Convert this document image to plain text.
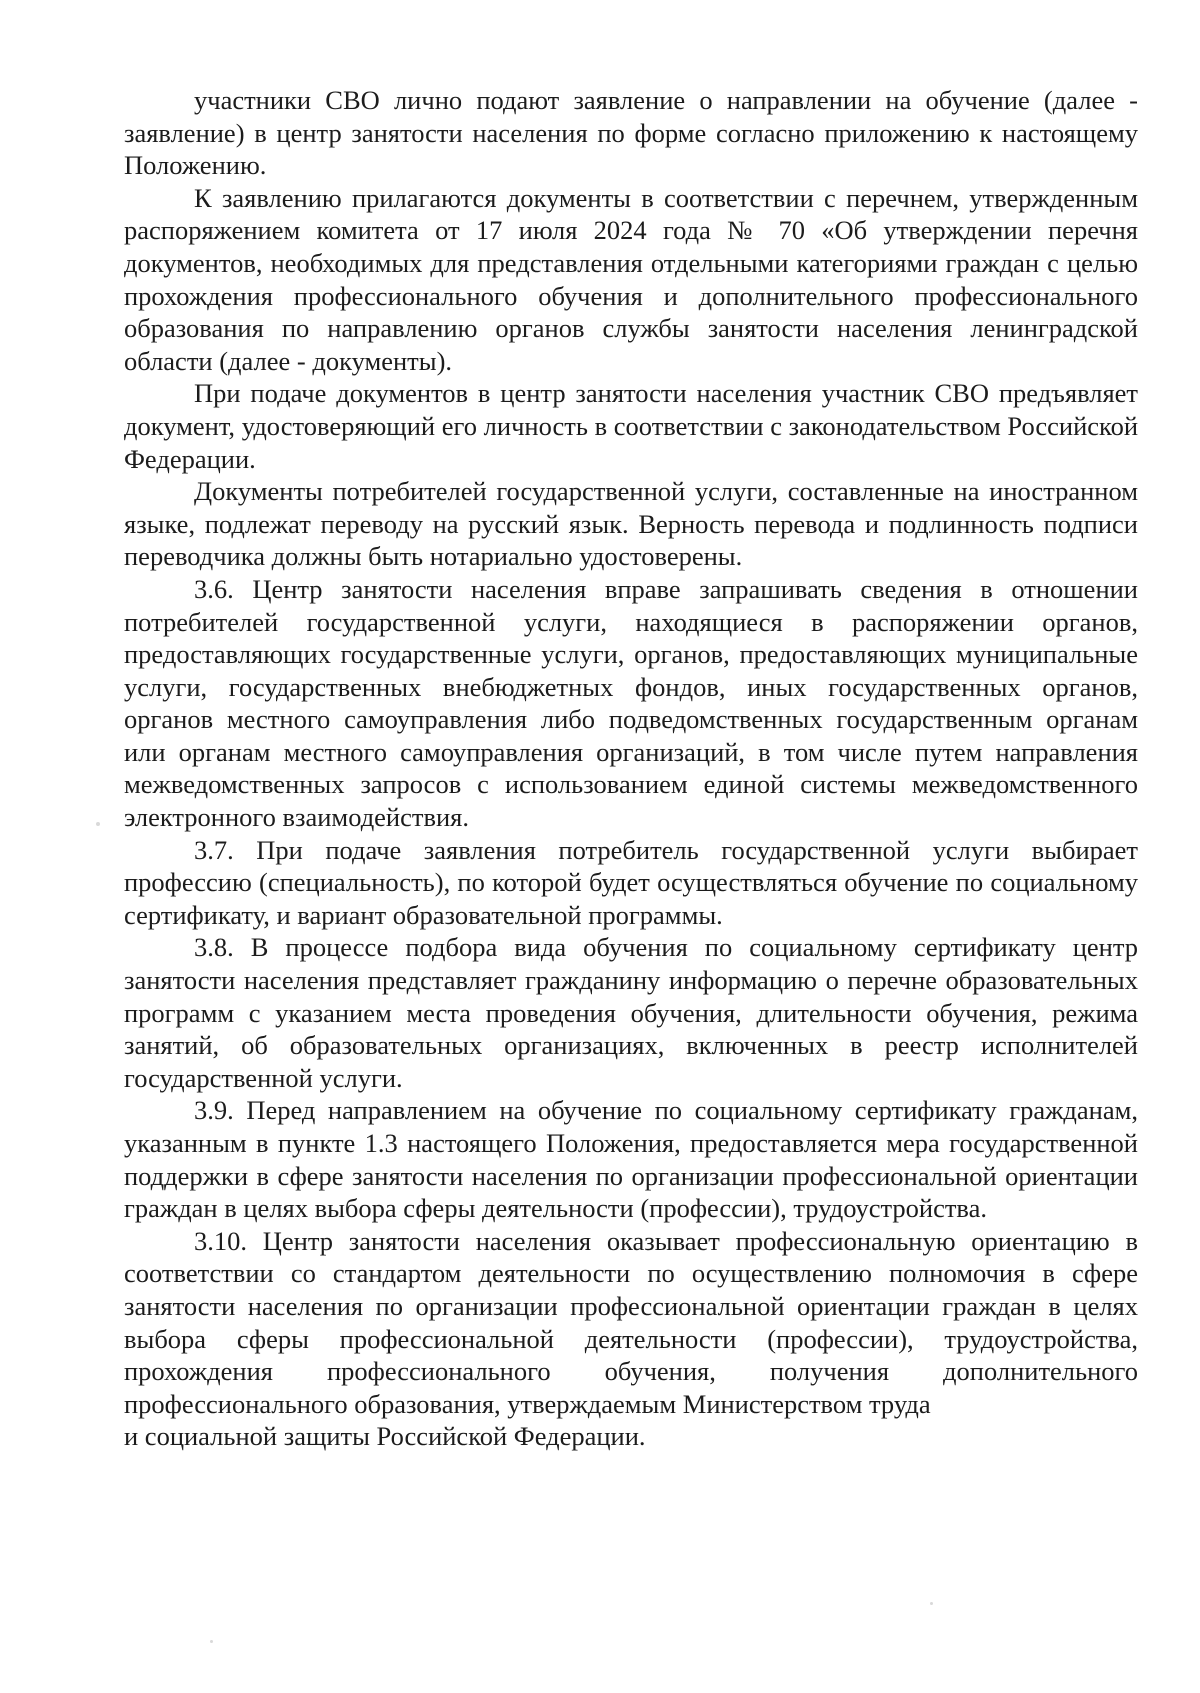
участники СВО лично подают заявление о направлении на обучение (далее - заявление) в центр занятости населения по форме согласно приложению к настоящему Положению.

К заявлению прилагаются документы в соответствии с перечнем, утвержденным распоряжением комитета от 17 июля 2024 года № 70 «Об утверждении перечня документов, необходимых для представления отдельными категориями граждан с целью прохождения профессионального обучения и дополнительного профессионального образования по направлению органов службы занятости населения ленинградской области (далее - документы).

При подаче документов в центр занятости населения участник СВО предъявляет документ, удостоверяющий его личность в соответствии с законодательством Российской Федерации.

Документы потребителей государственной услуги, составленные на иностранном языке, подлежат переводу на русский язык. Верность перевода и подлинность подписи переводчика должны быть нотариально удостоверены.

3.6. Центр занятости населения вправе запрашивать сведения в отношении потребителей государственной услуги, находящиеся в распоряжении органов, предоставляющих государственные услуги, органов, предоставляющих муниципальные услуги, государственных внебюджетных фондов, иных государственных органов, органов местного самоуправления либо подведомственных государственным органам или органам местного самоуправления организаций, в том числе путем направления межведомственных запросов с использованием единой системы межведомственного электронного взаимодействия.

3.7. При подаче заявления потребитель государственной услуги выбирает профессию (специальность), по которой будет осуществляться обучение по социальному сертификату, и вариант образовательной программы.

3.8. В процессе подбора вида обучения по социальному сертификату центр занятости населения представляет гражданину информацию о перечне образовательных программ с указанием места проведения обучения, длительности обучения, режима занятий, об образовательных организациях, включенных в реестр исполнителей государственной услуги.

3.9. Перед направлением на обучение по социальному сертификату гражданам, указанным в пункте 1.3 настоящего Положения, предоставляется мера государственной поддержки в сфере занятости населения по организации профессиональной ориентации граждан в целях выбора сферы деятельности (профессии), трудоустройства.

3.10. Центр занятости населения оказывает профессиональную ориентацию в соответствии со стандартом деятельности по осуществлению полномочия в сфере занятости населения по организации профессиональной ориентации граждан в целях выбора сферы профессиональной деятельности (профессии), трудоустройства, прохождения профессионального обучения, получения дополнительного профессионального образования, утверждаемым Министерством труда

и социальной защиты Российской Федерации.
